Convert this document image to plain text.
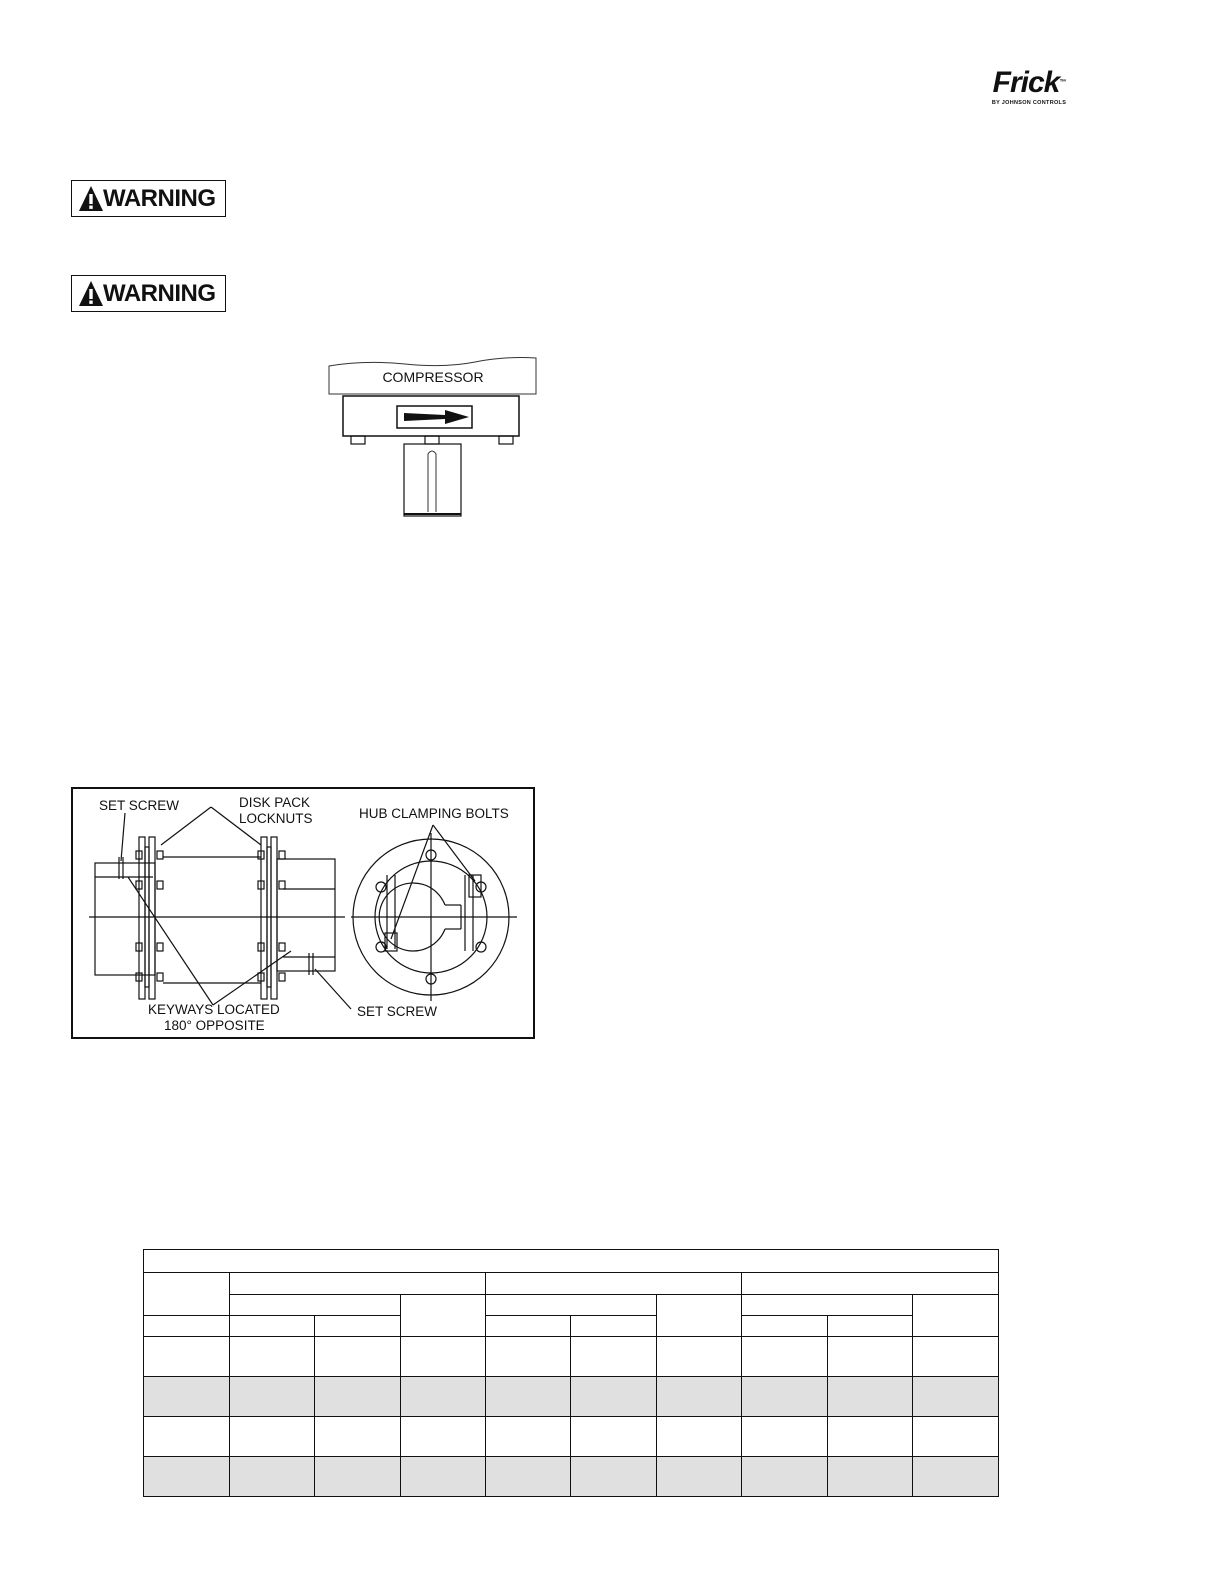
Frick™
BY JOHNSON CONTROLS
WARNING
WARNING
COMPRESSOR
SET SCREW	DISK PACK
LOCKNUTS	HUB CLAMPING BOLTS
KEYWAYS LOCATED
180° OPPOSITE
SET SCREW
